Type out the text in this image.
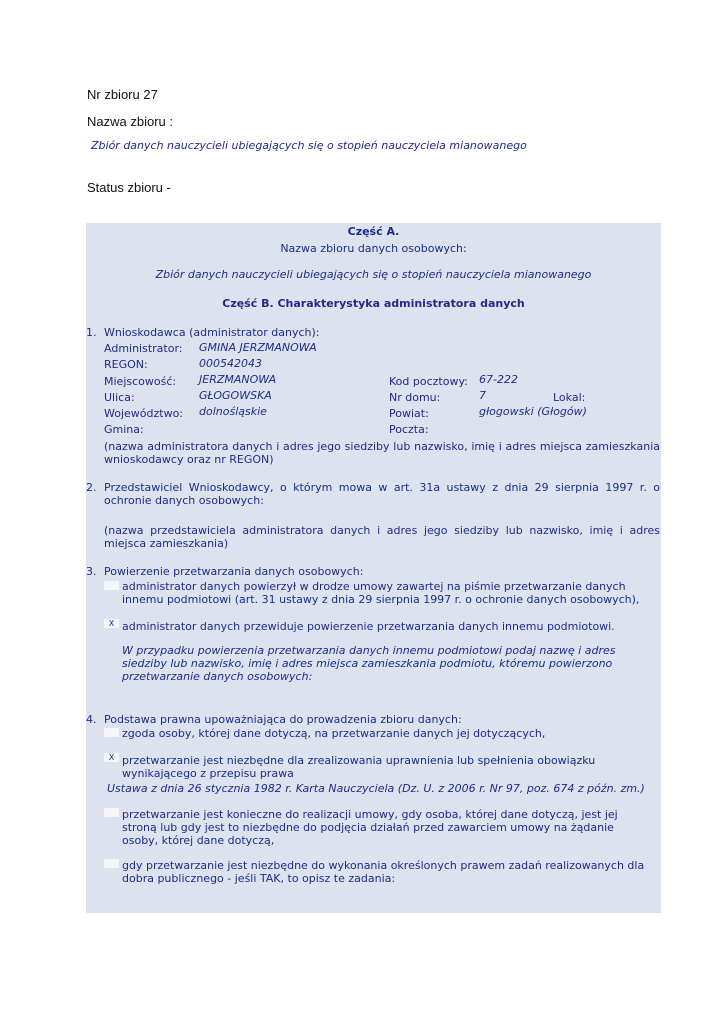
Nr zbioru 27
Nazwa zbioru :
Zbiór danych nauczycieli ubiegających się o stopień nauczyciela mianowanego
Status zbioru -
Część A.
Nazwa zbioru danych osobowych:
Zbiór danych nauczycieli ubiegających się o stopień nauczyciela mianowanego
Część B. Charakterystyka administratora danych
1. Wnioskodawca (administrator danych):
Administrator: GMINA JERZMANOWA
REGON:	000542043
Miejscowość: JERZMANOWA	Kod pocztowy: 67-222
Ulica:	GŁOGOWSKA	Nr domu:	7	Lokal:
Województwo: dolnośląskie	Powiat:	głogowski (Głogów)
Gmina:	Poczta:
(nazwa administratora danych i adres jego siedziby lub nazwisko, imię i adres miejsca zamieszkania wnioskodawcy oraz nr REGON)
2. Przedstawiciel Wnioskodawcy, o którym mowa w art. 31a ustawy z dnia 29 sierpnia 1997 r. o ochronie danych osobowych:
(nazwa przedstawiciela administratora danych i adres jego siedziby lub nazwisko, imię i adres miejsca zamieszkania)
3. Powierzenie przetwarzania danych osobowych:
administrator danych powierzył w drodze umowy zawartej na piśmie przetwarzanie danych innemu podmiotowi (art. 31 ustawy z dnia 29 sierpnia 1997 r. o ochronie danych osobowych),
X administrator danych przewiduje powierzenie przetwarzania danych innemu podmiotowi.
W przypadku powierzenia przetwarzania danych innemu podmiotowi podaj nazwę i adres siedziby lub nazwisko, imię i adres miejsca zamieszkania podmiotu, któremu powierzono przetwarzanie danych osobowych:
4. Podstawa prawna upoważniająca do prowadzenia zbioru danych:
zgoda osoby, której dane dotyczą, na przetwarzanie danych jej dotyczących,
X przetwarzanie jest niezbędne dla zrealizowania uprawnienia lub spełnienia obowiązku wynikającego z przepisu prawa
Ustawa z dnia 26 stycznia 1982 r. Karta Nauczyciela (Dz. U. z 2006 r. Nr 97, poz. 674 z późn. zm.)
przetwarzanie jest konieczne do realizacji umowy, gdy osoba, której dane dotyczą, jest jej stroną lub gdy jest to niezbędne do podjęcia działań przed zawarciem umowy na żądanie osoby, której dane dotyczą,
gdy przetwarzanie jest niezbędne do wykonania określonych prawem zadań realizowanych dla dobra publicznego - jeśli TAK, to opisz te zadania:
